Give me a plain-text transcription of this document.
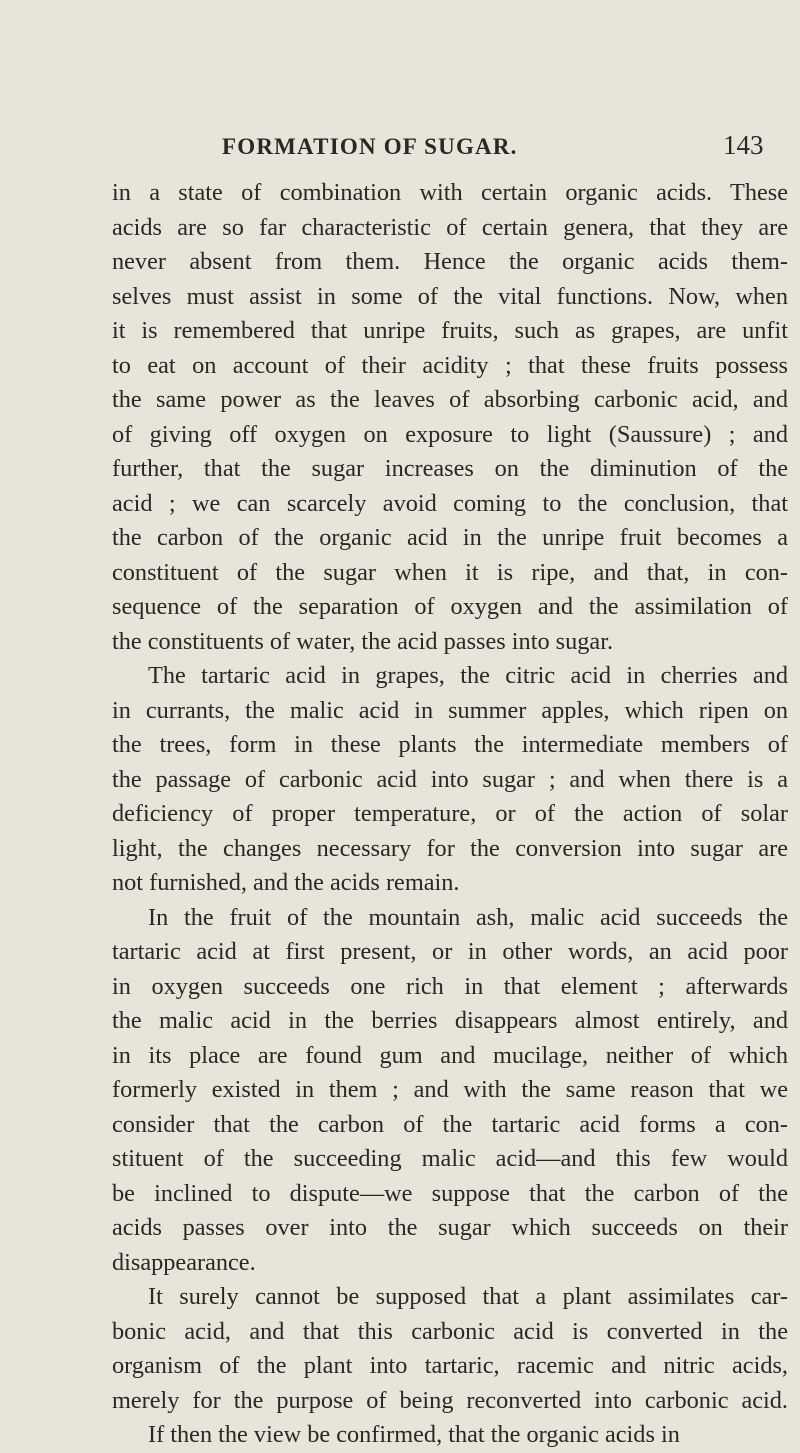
FORMATION OF SUGAR.	143
in a state of combination with certain organic acids. These
acids are so far characteristic of certain genera, that they are
never absent from them. Hence the organic acids them-
selves must assist in some of the vital functions. Now, when
it is remembered that unripe fruits, such as grapes, are unfit
to eat on account of their acidity ; that these fruits possess
the same power as the leaves of absorbing carbonic acid, and
of giving off oxygen on exposure to light (Saussure) ; and
further, that the sugar increases on the diminution of the
acid ; we can scarcely avoid coming to the conclusion, that
the carbon of the organic acid in the unripe fruit becomes a
constituent of the sugar when it is ripe, and that, in con-
sequence of the separation of oxygen and the assimilation of
the constituents of water, the acid passes into sugar.
The tartaric acid in grapes, the citric acid in cherries and
in currants, the malic acid in summer apples, which ripen on
the trees, form in these plants the intermediate members of
the passage of carbonic acid into sugar ; and when there is a
deficiency of proper temperature, or of the action of solar
light, the changes necessary for the conversion into sugar are
not furnished, and the acids remain.
In the fruit of the mountain ash, malic acid succeeds the
tartaric acid at first present, or in other words, an acid poor
in oxygen succeeds one rich in that element ; afterwards
the malic acid in the berries disappears almost entirely, and
in its place are found gum and mucilage, neither of which
formerly existed in them ; and with the same reason that we
consider that the carbon of the tartaric acid forms a con-
stituent of the succeeding malic acid—and this few would
be inclined to dispute—we suppose that the carbon of the
acids passes over into the sugar which succeeds on their
disappearance.
It surely cannot be supposed that a plant assimilates car-
bonic acid, and that this carbonic acid is converted in the
organism of the plant into tartaric, racemic and nitric acids,
merely for the purpose of being reconverted into carbonic acid.
If then the view be confirmed, that the organic acids in
